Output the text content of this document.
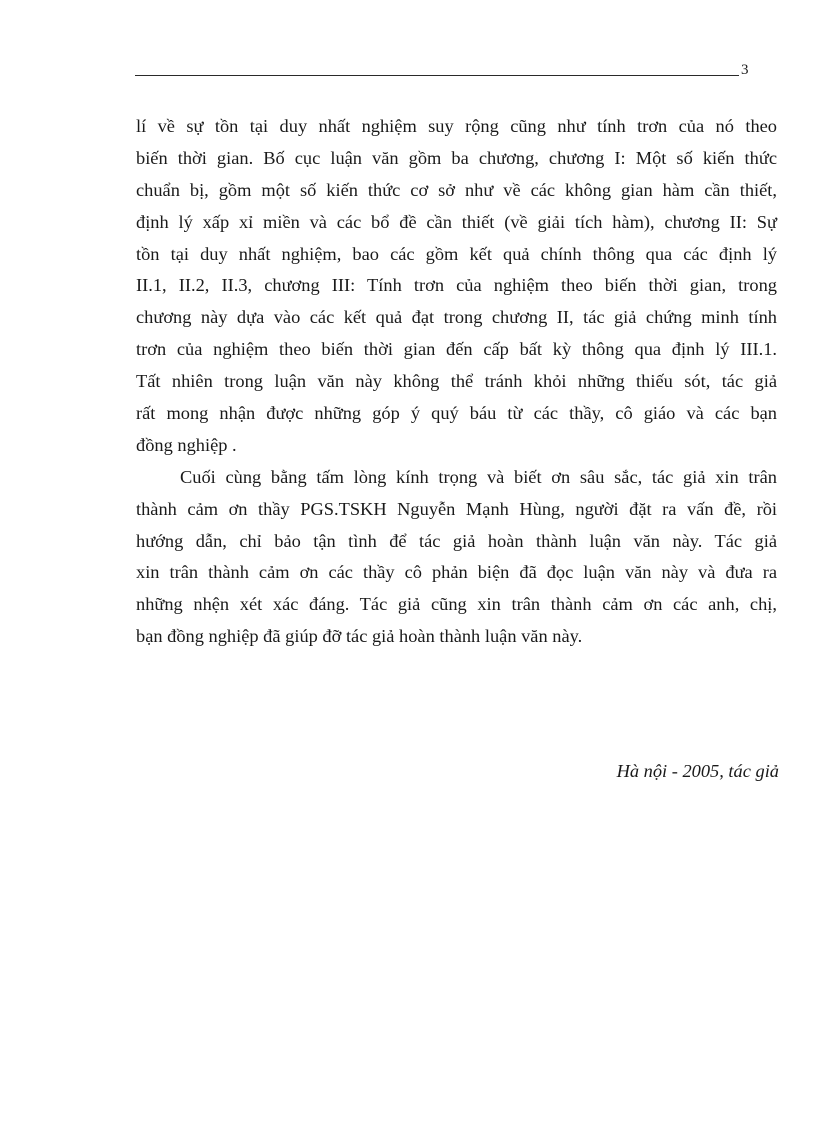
3
lí về sự tồn tại duy nhất nghiệm suy rộng cũng như tính trơn của nó theo
biến thời gian. Bố cục luận văn gồm ba chương, chương I: Một số kiến thức
chuẩn bị, gồm một số kiến thức cơ sở như về các không gian hàm cần thiết,
định lý xấp xỉ miền và các bổ đề cần thiết (về giải tích hàm), chương II: Sự
tồn tại duy nhất nghiệm, bao các gồm kết quả chính thông qua các định lý
II.1, II.2, II.3, chương III: Tính trơn của nghiệm theo biến thời gian, trong
chương này dựa vào các kết quả đạt trong chương II, tác giả chứng minh tính
trơn của nghiệm theo biến thời gian đến cấp bất kỳ thông qua định lý III.1.
Tất nhiên trong luận văn này không thể tránh khỏi những thiếu sót, tác giả
rất mong nhận được những góp ý quý báu từ các thầy, cô giáo và các bạn
đồng nghiệp .
Cuối cùng bằng tấm lòng kính trọng và biết ơn sâu sắc, tác giả xin trân
thành cảm ơn thầy PGS.TSKH Nguyễn Mạnh Hùng, người đặt ra vấn đề, rồi
hướng dẫn, chỉ bảo tận tình để tác giả hoàn thành luận văn này. Tác giả
xin trân thành cảm ơn các thầy cô phản biện đã đọc luận văn này và đưa ra
những nhện xét xác đáng. Tác giả cũng xin trân thành cảm ơn các anh, chị,
bạn đồng nghiệp đã giúp đỡ tác giả hoàn thành luận văn này.
Hà nội - 2005, tác giả
